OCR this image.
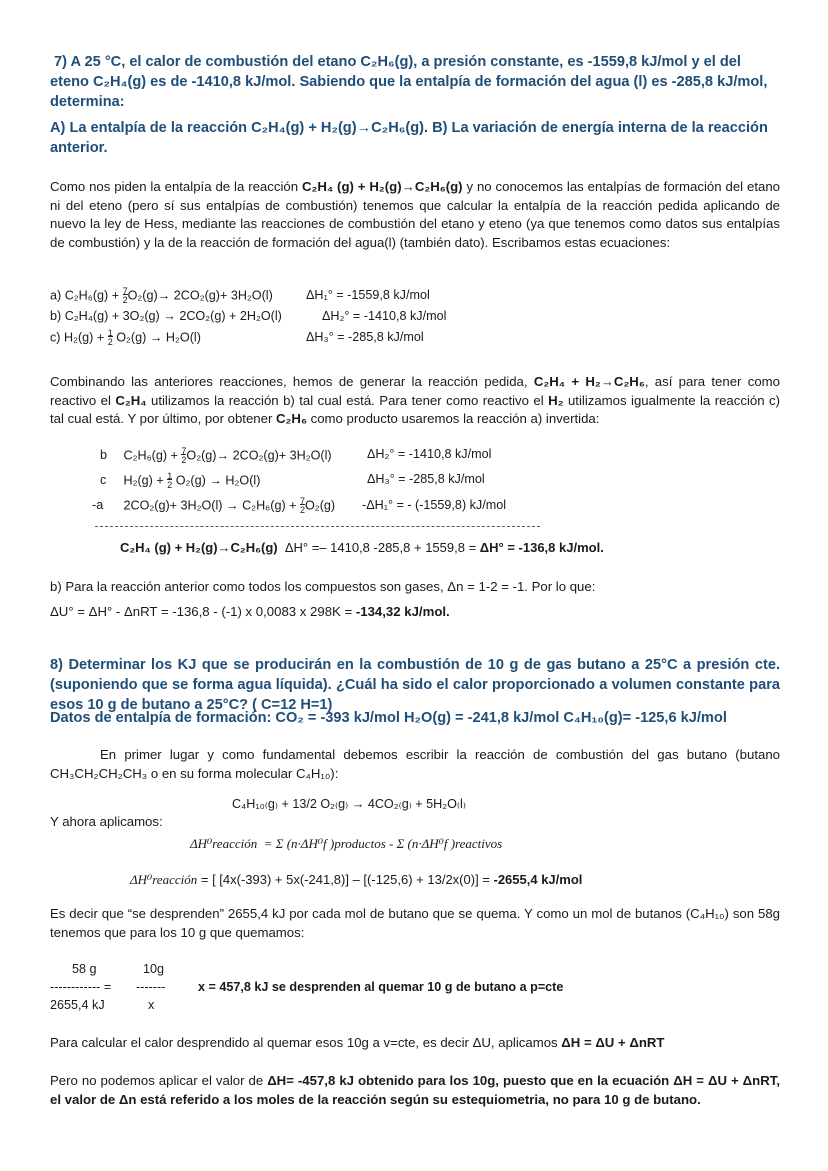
7) A 25 °C, el calor de combustión del etano C₂H₆(g), a presión constante, es -1559,8 kJ/mol y el del eteno C₂H₄(g) es de -1410,8 kJ/mol. Sabiendo que la entalpía de formación del agua (l) es -285,8 kJ/mol, determina:
A) La entalpía de la reacción C₂H₄(g) + H₂(g)→C₂H₆(g). B) La variación de energía interna de la reacción anterior.
Como nos piden la entalpía de la reacción C₂H₄ (g) + H₂(g)→C₂H₆(g) y no conocemos las entalpías de formación del etano ni del eteno (pero sí sus entalpías de combustión) tenemos que calcular la entalpía de la reacción pedida aplicando de nuevo la ley de Hess, mediante las reacciones de combustión del etano y eteno (ya que tenemos como datos sus entalpías de combustión) y la de la reacción de formación del agua(l) (también dato). Escribamos estas ecuaciones:
a) $C_2H_6(g) + \frac{7}{2}O_2(g)\to 2CO_2(g)+ 3H_2O(l)$	ΔH₁° = -1559,8 kJ/mol
b) C₂H₄(g) + 3O₂(g) → 2CO₂(g) + 2H₂O(l)	ΔH₂° = -1410,8 kJ/mol
c) $H_2(g) + \frac{1}{2} O_2(g) \to H_2O(l)$	ΔH₃° = -285,8 kJ/mol
Combinando las anteriores reacciones, hemos de generar la reacción pedida, C₂H₄ + H₂→C₂H₆, así para tener como reactivo el C₂H₄ utilizamos la reacción b) tal cual está. Para tener como reactivo el H₂ utilizamos igualmente la reacción c) tal cual está. Y por último, por obtener C₂H₆ como producto usaremos la reacción a) invertida:
b $C_2H_6(g) + \frac{7}{2}O_2(g)\to 2CO_2(g)+ 3H_2O(l)$	ΔH₂° = -1410,8 kJ/mol
c $H_2(g) + \frac{1}{2} O_2(g) \to H_2O(l)$	ΔH₃° = -285,8 kJ/mol
-a $2CO_2(g)+ 3H_2O(l) \to C_2H_6(g) + \frac{7}{2}O_2(g) -\Delta H_1^\circ$ = - (-1559,8) kJ/mol
C₂H₄ (g) + H₂(g)→C₂H₆(g) ΔH° =– 1410,8 -285,8 + 1559,8 = ΔH° = -136,8 kJ/mol.
b) Para la reacción anterior como todos los compuestos son gases, Δn = 1-2 = -1. Por lo que:
ΔU° = ΔH° - ΔnRT = -136,8 - (-1) x 0,0083 x 298K = -134,32 kJ/mol.
8) Determinar los KJ que se producirán en la combustión de 10 g de gas butano a 25°C a presión cte. (suponiendo que se forma agua líquida). ¿Cuál ha sido el calor proporcionado a volumen constante para esos 10 g de butano a 25°C? ( C=12 H=1)
Datos de entalpía de formación: CO₂ = -393 kJ/mol H₂O(g) = -241,8 kJ/mol C₄H₁₀(g)= -125,6 kJ/mol
En primer lugar y como fundamental debemos escribir la reacción de combustión del gas butano (butano CH₃CH₂CH₂CH₃ o en su forma molecular C₄H₁₀):
C₄H₁₀₍g₎ + 13/2 O₂₍g₎ → 4CO₂₍g₎ + 5H₂O₍l₎
Y ahora aplicamos:
ΔH⁰reacción = Σ (n·ΔH⁰f )productos - Σ (n·ΔH⁰f )reactivos
ΔH⁰reacción = [ [4x(-393) + 5x(-241,8)] – [(-125,6) + 13/2x(0)] = -2655,4 kJ/mol
Es decir que “se desprenden” 2655,4 kJ por cada mol de butano que se quema. Y como un mol de butanos (C₄H₁₀) son 58g tenemos que para los 10 g que quemamos:
58 g	10g
------------ = -------
2655,4 kJ	x
x = 457,8 kJ se desprenden al quemar 10 g de butano a p=cte
Para calcular el calor desprendido al quemar esos 10g a v=cte, es decir ΔU, aplicamos ΔH = ΔU + ΔnRT
Pero no podemos aplicar el valor de ΔH= -457,8 kJ obtenido para los 10g, puesto que en la ecuación ΔH = ΔU + ΔnRT, el valor de Δn está referido a los moles de la reacción según su estequiometria, no para 10 g de butano.
